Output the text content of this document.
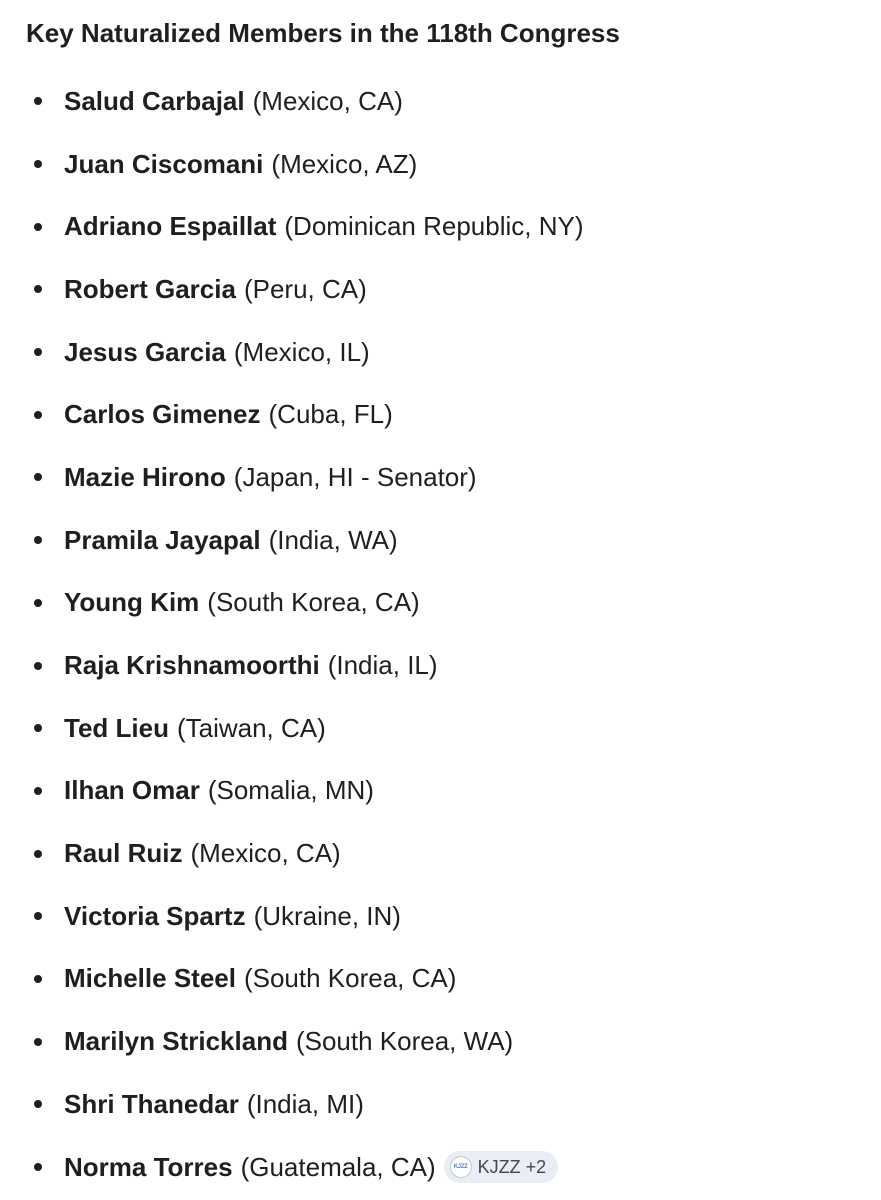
Key Naturalized Members in the 118th Congress
Salud Carbajal (Mexico, CA)
Juan Ciscomani (Mexico, AZ)
Adriano Espaillat (Dominican Republic, NY)
Robert Garcia (Peru, CA)
Jesus Garcia (Mexico, IL)
Carlos Gimenez (Cuba, FL)
Mazie Hirono (Japan, HI - Senator)
Pramila Jayapal (India, WA)
Young Kim (South Korea, CA)
Raja Krishnamoorthi (India, IL)
Ted Lieu (Taiwan, CA)
Ilhan Omar (Somalia, MN)
Raul Ruiz (Mexico, CA)
Victoria Spartz (Ukraine, IN)
Michelle Steel (South Korea, CA)
Marilyn Strickland (South Korea, WA)
Shri Thanedar (India, MI)
Norma Torres (Guatemala, CA)	KJZZ KJZZ +2
